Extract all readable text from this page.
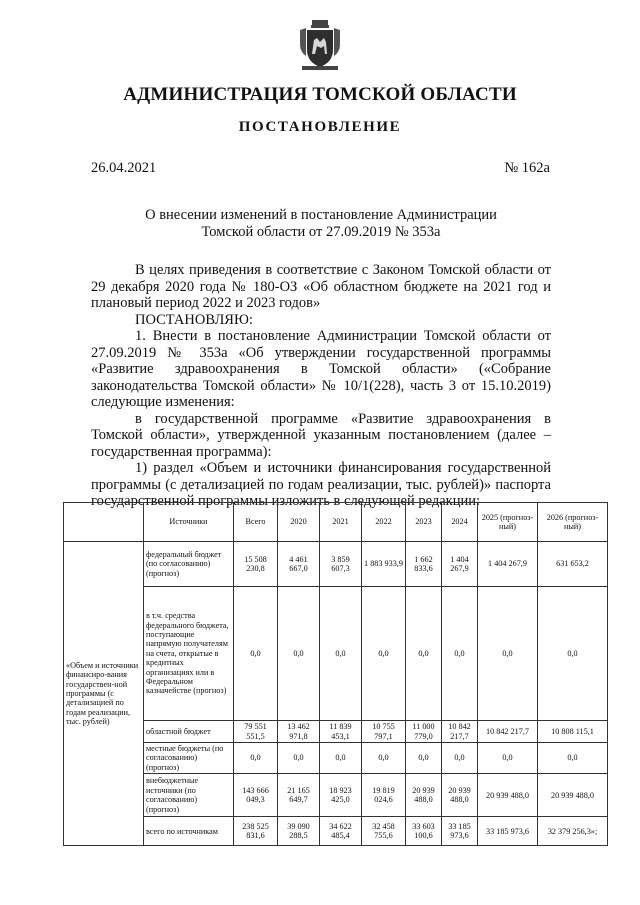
АДМИНИСТРАЦИЯ ТОМСКОЙ ОБЛАСТИ
ПОСТАНОВЛЕНИЕ
26.04.2021	№ 162а
О внесении изменений в постановление Администрации
Томской области от 27.09.2019 № 353а

В целях приведения в соответствие с Законом Томской области от 29 декабря 2020 года № 180-ОЗ «Об областном бюджете на 2021 год и плановый период 2022 и 2023 годов»

ПОСТАНОВЛЯЮ:

1. Внести в постановление Администрации Томской области от 27.09.2019 № 353а «Об утверждении государственной программы «Развитие здравоохранения в Томской области» («Собрание законодательства Томской области» № 10/1(228), часть 3 от 15.10.2019) следующие изменения:

в государственной программе «Развитие здравоохранения в Томской области», утвержденной указанным постановлением (далее – государственная программа):

1) раздел «Объем и источники финансирования государственной программы (с детализацией по годам реализации, тыс. рублей)» паспорта государственной программы изложить в следующей редакции:

	Источники	Всего	2020	2021	2022	2023	2024	2025 (прогноз-ный)	2026 (прогноз-ный)
«Объем и источники финансиро-вания государствен-ной программы (с детализацией по годам реализации, тыс. рублей)	федеральный бюджет (по согласованию) (прогноз)	15 508 230,8	4 461 667,0	3 859 607,3	1 883 933,9	1 662 833,6	1 404 267,9	1 404 267,9	631 653,2
	в т.ч. средства федерального бюджета, поступающие напрямую получателям на счета, открытые в кредитных организациях или в Федеральном казначействе (прогноз)	0,0	0,0	0,0	0,0	0,0	0,0	0,0	0,0
	областной бюджет	79 551 551,5	13 462 971,8	11 839 453,1	10 755 797,1	11 000 779,0	10 842 217,7	10 842 217,7	10 808 115,1
	местные бюджеты (по согласованию) (прогноз)	0,0	0,0	0,0	0,0	0,0	0,0	0,0	0,0
	внебюджетные источники (по согласованию) (прогноз)	143 666 049,3	21 165 649,7	18 923 425,0	19 819 024,6	20 939 488,0	20 939 488,0	20 939 488,0	20 939 488,0
	всего по источникам	238 525 831,6	39 090 288,5	34 622 485,4	32 458 755,6	33 603 100,6	33 185 973,6	33 185 973,6	32 379 256,3»;
